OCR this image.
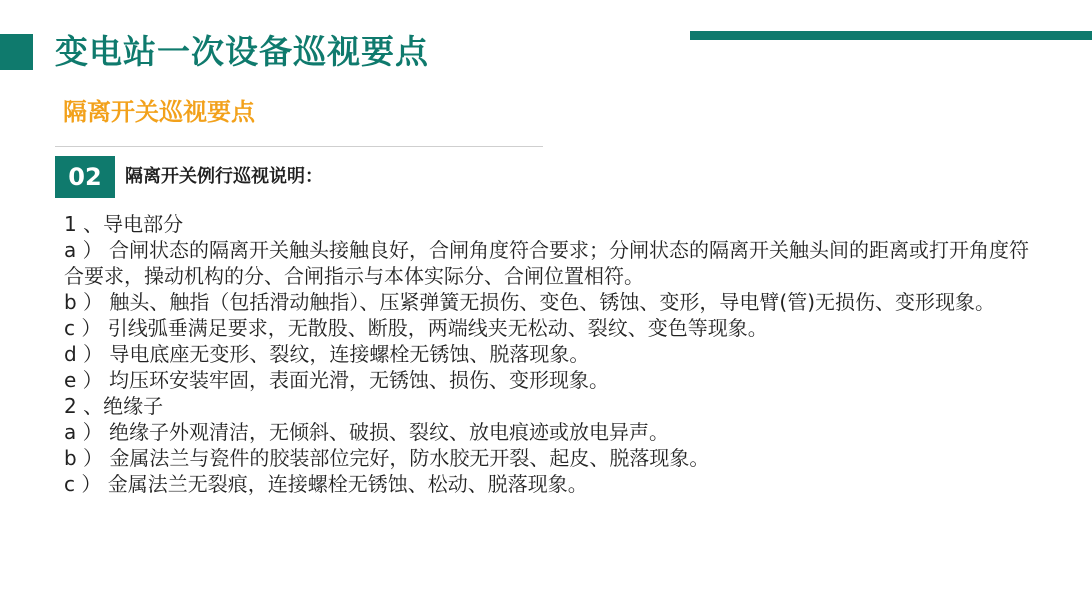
变电站一次设备巡视要点
隔离开关巡视要点
02	隔离开关例行巡视说明：
1 、导电部分
a ） 合闸状态的隔离开关触头接触良好，合闸角度符合要求；分闸状态的隔离开关触头间的距离或打开角度符合要求，操动机构的分、合闸指示与本体实际分、合闸位置相符。
b ） 触头、触指（包括滑动触指）、压紧弹簧无损伤、变色、锈蚀、变形，导电臂(管)无损伤、变形现象。
c ） 引线弧垂满足要求，无散股、断股，两端线夹无松动、裂纹、变色等现象。
d ） 导电底座无变形、裂纹，连接螺栓无锈蚀、脱落现象。
e ） 均压环安装牢固，表面光滑，无锈蚀、损伤、变形现象。
2 、绝缘子
a ） 绝缘子外观清洁，无倾斜、破损、裂纹、放电痕迹或放电异声。
b ） 金属法兰与瓷件的胶装部位完好，防水胶无开裂、起皮、脱落现象。
c ） 金属法兰无裂痕，连接螺栓无锈蚀、松动、脱落现象。
